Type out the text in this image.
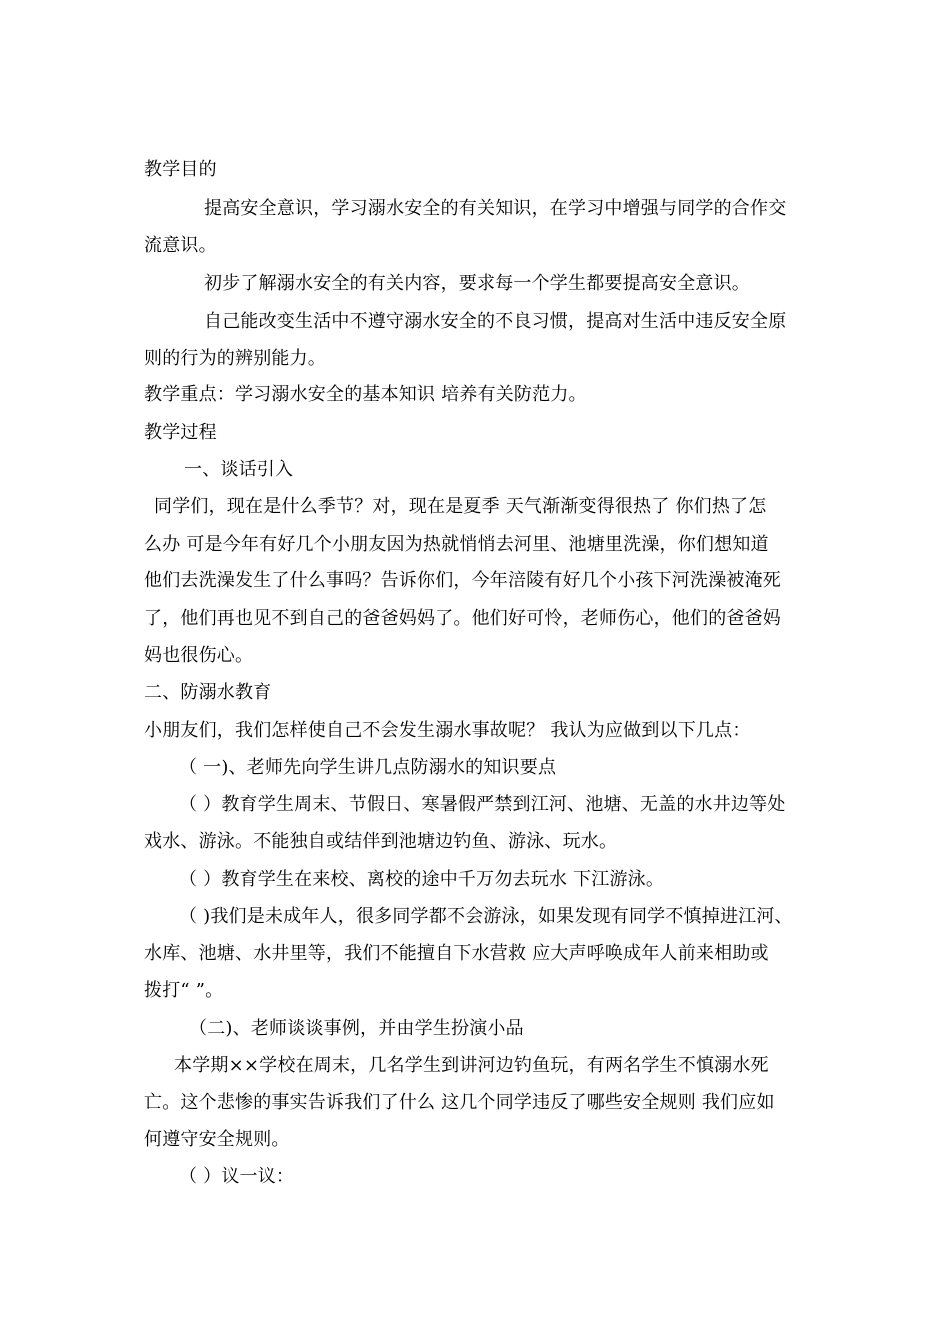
教学目的
提高安全意识，学习溺水安全的有关知识，在学习中增强与同学的合作交
流意识。
初步了解溺水安全的有关内容，要求每一个学生都要提高安全意识。
自己能改变生活中不遵守溺水安全的不良习惯，提高对生活中违反安全原
则的行为的辨别能力。
教学重点：学习溺水安全的基本知识 培养有关防范力。
教学过程
一、谈话引入
同学们，现在是什么季节？对，现在是夏季 天气渐渐变得很热了 你们热了怎
么办 可是今年有好几个小朋友因为热就悄悄去河里、池塘里洗澡，你们想知道
他们去洗澡发生了什么事吗？告诉你们，今年涪陵有好几个小孩下河洗澡被淹死
了，他们再也见不到自己的爸爸妈妈了。他们好可怜，老师伤心，他们的爸爸妈
妈也很伤心。
二、防溺水教育
小朋友们，我们怎样使自己不会发生溺水事故呢？ 我认为应做到以下几点：
（ 一)、老师先向学生讲几点防溺水的知识要点
（ ）教育学生周末、节假日、寒暑假严禁到江河、池塘、无盖的水井边等处
戏水、游泳。不能独自或结伴到池塘边钓鱼、游泳、玩水。
（ ）教育学生在来校、离校的途中千万勿去玩水 下江游泳。
（ )我们是未成年人，很多同学都不会游泳，如果发现有同学不慎掉进江河、
水库、池塘、水井里等，我们不能擅自下水营救 应大声呼唤成年人前来相助或
拨打“ ”。
（二)、老师谈谈事例，并由学生扮演小品
本学期××学校在周末，几名学生到讲河边钓鱼玩，有两名学生不慎溺水死
亡。这个悲惨的事实告诉我们了什么 这几个同学违反了哪些安全规则 我们应如
何遵守安全规则。
（ ）议一议：
